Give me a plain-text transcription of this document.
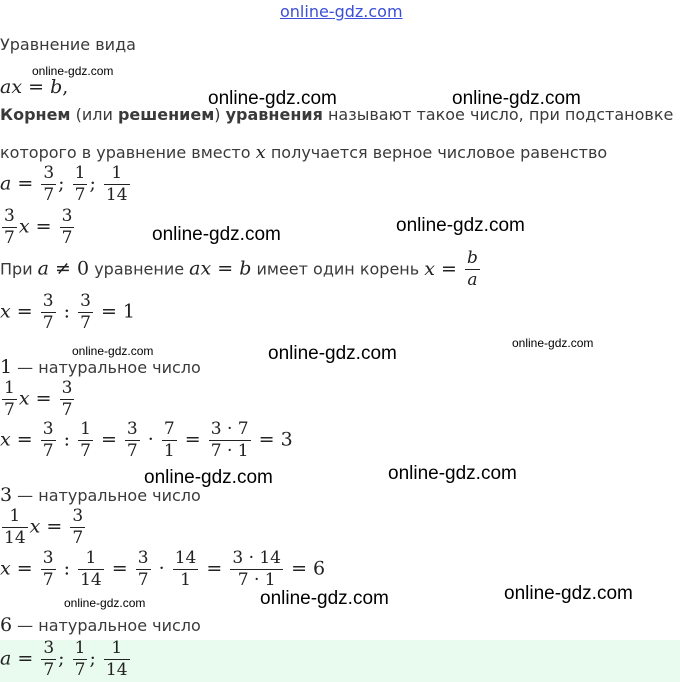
online-gdz.com
Уравнение вида
ax = b,
Корнем (или решением) уравнения называют такое число, при подстановке
которого в уравнение вместо x получается верное числовое равенство
$a = \frac{3}{7}$ ; $\frac{1}{7}$ ; $\frac{1}{14}$
$\frac{3}{7}$ $x = \frac{3}{7}$
При a ≠ 0 уравнение ax = b имеет один корень $x = \frac{b}{a}$
$x = \frac{3}{7}$ : $\frac{3}{7} = 1$
1 — натуральное число
$\frac{1}{7}$ $x = \frac{3}{7}$
$x = \frac{3}{7}$ : $\frac{1}{7} = \frac{3}{7} \cdot \frac{7}{1} = \frac{3 \cdot 7}{7 \cdot 1} = 3$
3 — натуральное число
$\frac{1}{14}$ $x = \frac{3}{7}$
$x = \frac{3}{7}$ : $\frac{1}{14} = \frac{3}{7} \cdot \frac{14}{1} = \frac{3 \cdot 14}{7 \cdot 1} = 6$
6 — натуральное число
$a = \frac{3}{7}$ ; $\frac{1}{7}$ ; $\frac{1}{14}$
online-gdz.com
online-gdz.com	online-gdz.com
online-gdz.com
online-gdz.com
online-gdz.com	online-gdz.com	online-gdz.com
online-gdz.com
online-gdz.com
online-gdz.com	online-gdz.com	online-gdz.com
